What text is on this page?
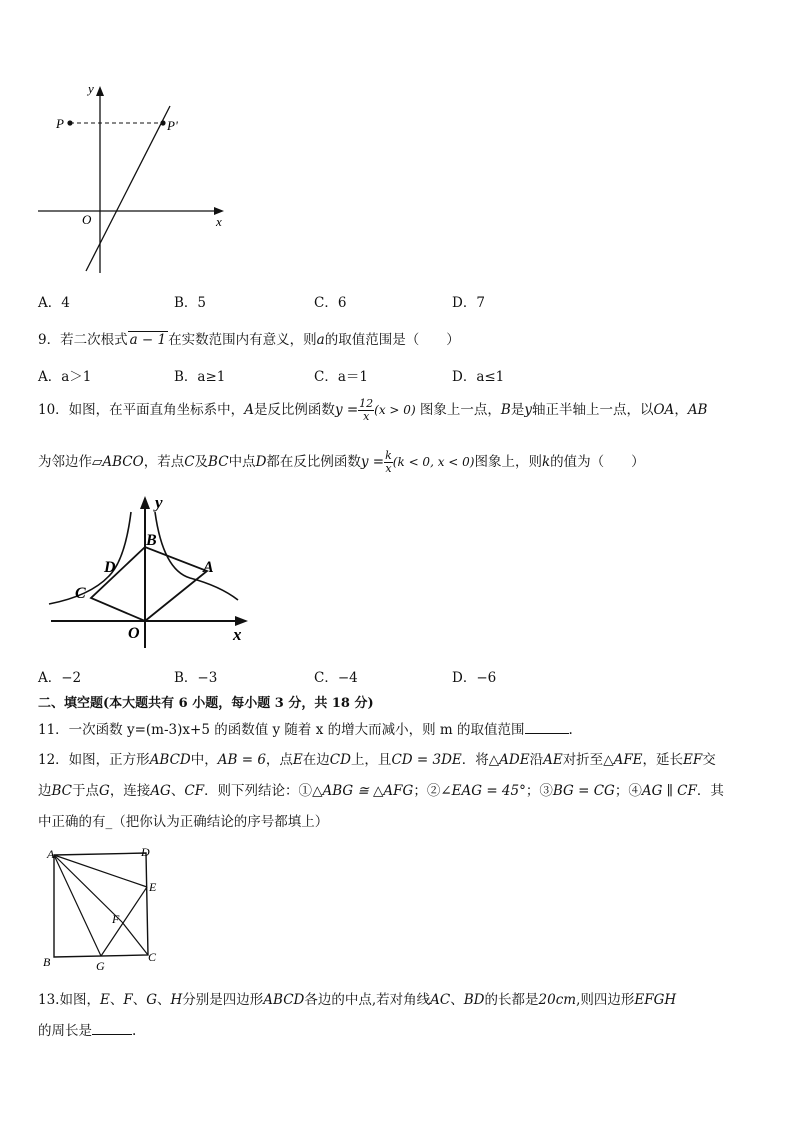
y
x
O
P	P'
A．4	B．5	C．6	D．7
9．若二次根式 a − 1 在实数范围内有意义，则a的取值范围是（　　）
A．a＞1	B．a≥1	C．a＝1	D．a≤1
10．如图，在平面直角坐标系中，A是反比例函数$y = \frac{12}{x} (x > 0)$ 图象上一点，B是y轴正半轴上一点，以OA，AB
为邻边作▱ABCO，若点C及BC中点D都在反比例函数$y = \frac{k}{x} (k < 0$, x < 0)图象上，则k的值为（　　）
y
x
O
A
B
C
D
A．−2	B．−3	C．−4	D．−6
二、填空题(本大题共有 6 小题，每小题 3 分，共 18 分)
11．一次函数 y=(m-3)x+5 的函数值 y 随着 x 的增大而减小，则 m 的取值范围	.
12．如图，正方形ABCD中，AB = 6，点E在边CD上，且CD = 3DE．将△ADE沿AE对折至△AFE，延长EF交
边BC于点G，连接AG、CF．则下列结论：①△ABG ≅ △AFG；②∠EAG = 45°；③BG = CG；④AG ∥ CF．其
中正确的有_（把你认为正确结论的序号都填上）
A	D
E
F
B	G
C
13.如图，E、F、G、H分别是四边形ABCD各边的中点,若对角线AC、BD的长都是20cm,则四边形EFGH
的周长是	.
